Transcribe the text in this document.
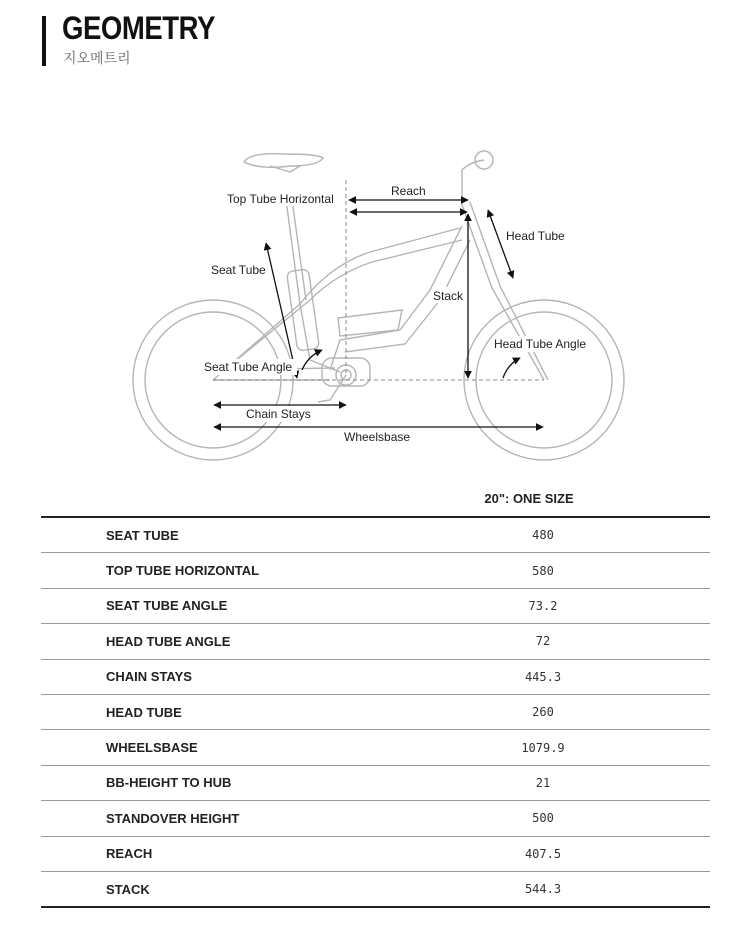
GEOMETRY
지오메트리
Top Tube Horizontal
Reach
Head Tube
Seat Tube
Stack
Head Tube Angle
Seat Tube Angle
Chain Stays
Wheelsbase
20": ONE SIZE
SEAT TUBE	480
TOP TUBE HORIZONTAL	580
SEAT TUBE ANGLE	73.2
HEAD TUBE ANGLE	72
CHAIN STAYS	445.3
HEAD TUBE	260
WHEELSBASE	1079.9
BB-HEIGHT TO HUB	21
STANDOVER HEIGHT	500
REACH	407.5
STACK	544.3
